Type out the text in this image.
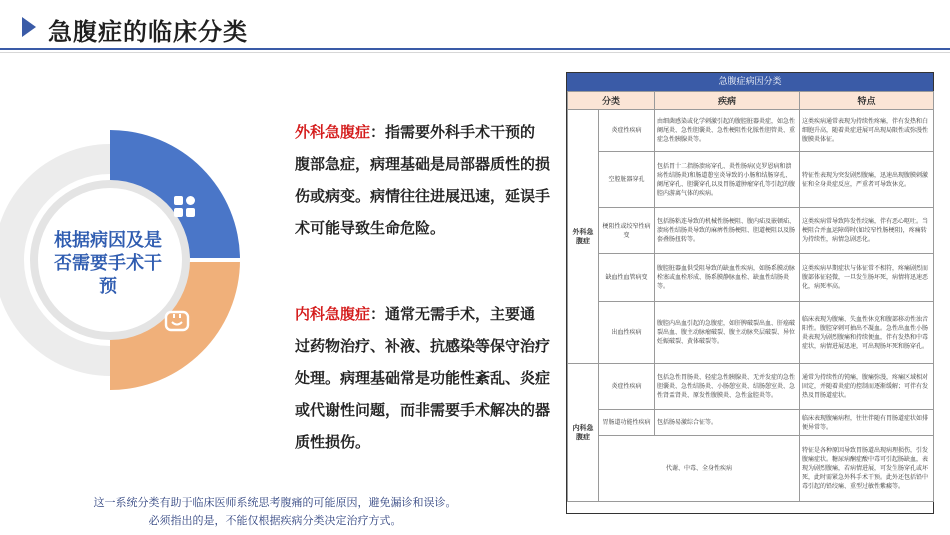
急腹症的临床分类
根据病因及是否需要手术干预
外科急腹症：指需要外科手术干预的腹部急症，病理基础是局部器质性的损伤或病变。病情往往进展迅速，延误手术可能导致生命危险。
内科急腹症：通常无需手术，主要通过药物治疗、补液、抗感染等保守治疗处理。病理基础常是功能性紊乱、炎症或代谢性问题，而非需要手术解决的器质性损伤。
这一系统分类有助于临床医师系统思考腹痛的可能原因，避免漏诊和误诊。
必须指出的是，不能仅根据疾病分类决定治疗方式。
急腹症病因分类
分类		疾病	特点
外科急腹症	炎症性疾病	由细菌感染或化学刺激引起的腹腔脏器炎症，如急性阑尾炎、急性胆囊炎、急性梗阻性化脓性胆管炎、重症急性胰腺炎等。	这类疾病通常表现为持续性疼痛，伴有发热和白细胞升高，随着炎症进展可出现局限性或弥漫性腹膜炎体征。
	空腔脏器穿孔	包括胃十二指肠溃疡穿孔、炎性肠病(克罗恩病和溃疡性结肠炎)和肠道憩室炎导致的小肠和结肠穿孔、阑尾穿孔、胆囊穿孔以及胃肠道肿瘤穿孔等引起的腹腔内游离气体的疾病。	特征性表现为突发剧烈腹痛，迅速出现腹膜刺激征和全身炎症反应，严重者可导致休克。
	梗阻性或绞窄性病变	包括肠粘连导致的机械性肠梗阻、腹内疝及嵌顿疝、溃疡性结肠炎导致的麻痹性肠梗阻、胆道梗阻以及肠套叠肠扭转等。	这类疾病常导致阵发性绞痛，伴有恶心呕吐。当梗阻合并血运障碍时(如绞窄性肠梗阻)，疼痛转为持续性，病情急剧恶化。
	缺血性血管病变	腹腔脏器血供受阻导致的缺血性疾病，如肠系膜动脉栓塞或血栓形成、肠系膜静脉血栓、缺血性结肠炎等。	这类疾病早期症状与体征常不相符，疼痛剧烈而腹部体征轻微，一旦发生肠坏死，病情将迅速恶化，病死率高。
	出血性疾病	腹腔内出血引起的急腹症，如肝脾破裂出血、肝癌破裂出血、腹主动脉瘤破裂、腹主动脉夹层破裂、异位妊娠破裂、黄体破裂等。	临床表现为腹痛、失血性休克和腹部移动性浊音阳性。腹腔穿刺可抽出不凝血。急性出血性小肠炎表现为剧烈腹痛和持续便血，伴有发热和中毒症状，病情进展迅速，可出现肠坏死和肠穿孔。
内科急腹症	炎症性疾病	包括急性胃肠炎、轻症急性胰腺炎、无并发症的急性胆囊炎、急性结肠炎、小肠憩室炎、结肠憩室炎、急性肾盂肾炎、原发性腹膜炎、急性盆腔炎等。	通常为持续性的钝痛，腹痛弥漫，疼痛区域相对固定，并随着炎症的控制而逐渐缓解；可伴有发热及胃肠道症状。
	胃肠道功能性疾病	包括肠易激综合征等。	临床表现腹痛病程，往往伴随有胃肠道症状如排便异常等。
	代谢、中毒、全身性疾病		特征是各种原因导致胃肠道出现病理损伤，引发腹痛症状。糖尿病酮症酸中毒可引起肠缺血，表现为剧烈腹痛，若病情进展，可发生肠穿孔或坏死，此时需紧急外科手术干预。此外还包括铅中毒引起的铅绞痛、重型过敏性紫癜等。
